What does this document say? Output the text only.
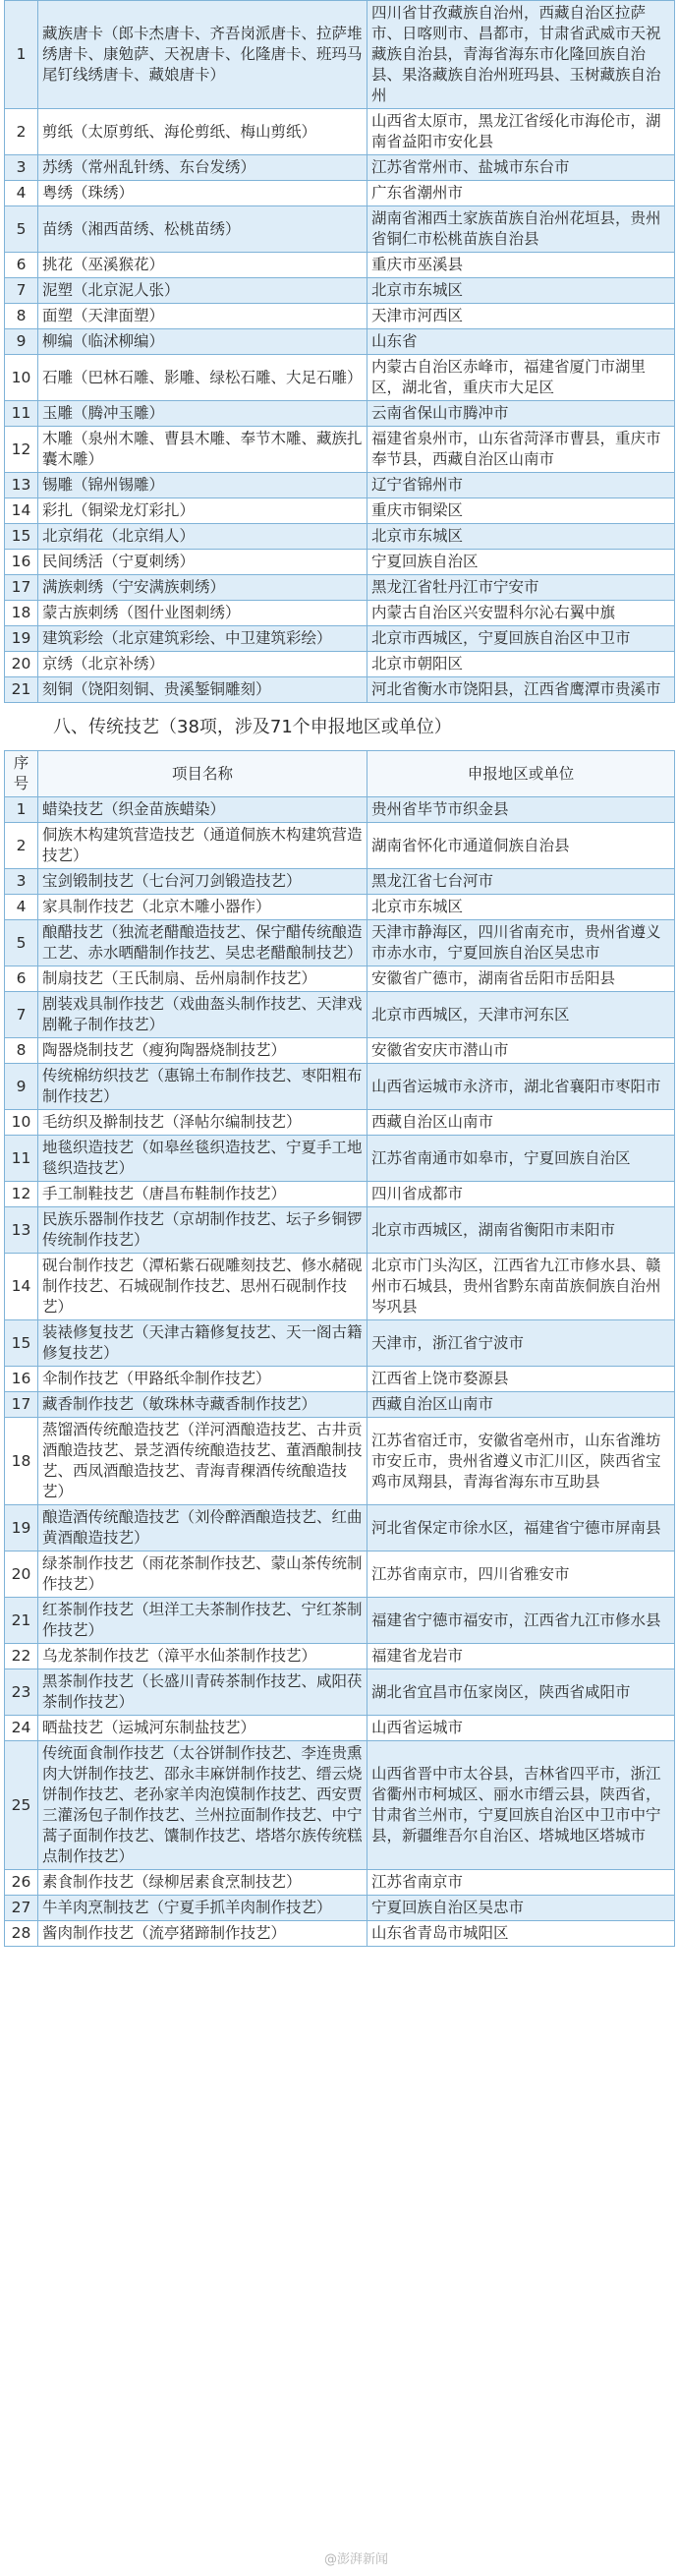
1	藏族唐卡（郎卡杰唐卡、齐吾岗派唐卡、拉萨堆绣唐卡、康勉萨、天祝唐卡、化隆唐卡、班玛马尾钉线绣唐卡、藏娘唐卡）	四川省甘孜藏族自治州，西藏自治区拉萨市、日喀则市、昌都市，甘肃省武威市天祝藏族自治县，青海省海东市化隆回族自治县、果洛藏族自治州班玛县、玉树藏族自治州
2	剪纸（太原剪纸、海伦剪纸、梅山剪纸）	山西省太原市，黑龙江省绥化市海伦市，湖南省益阳市安化县
3	苏绣（常州乱针绣、东台发绣）	江苏省常州市、盐城市东台市
4	粤绣（珠绣）	广东省潮州市
5	苗绣（湘西苗绣、松桃苗绣）	湖南省湘西土家族苗族自治州花垣县，贵州省铜仁市松桃苗族自治县
6	挑花（巫溪猴花）	重庆市巫溪县
7	泥塑（北京泥人张）	北京市东城区
8	面塑（天津面塑）	天津市河西区
9	柳编（临沭柳编）	山东省
10	石雕（巴林石雕、影雕、绿松石雕、大足石雕）	内蒙古自治区赤峰市，福建省厦门市湖里区，湖北省，重庆市大足区
11	玉雕（腾冲玉雕）	云南省保山市腾冲市
12	木雕（泉州木雕、曹县木雕、奉节木雕、藏族扎囊木雕）	福建省泉州市，山东省菏泽市曹县，重庆市奉节县，西藏自治区山南市
13	锡雕（锦州锡雕）	辽宁省锦州市
14	彩扎（铜梁龙灯彩扎）	重庆市铜梁区
15	北京绢花（北京绢人）	北京市东城区
16	民间绣活（宁夏刺绣）	宁夏回族自治区
17	满族刺绣（宁安满族刺绣）	黑龙江省牡丹江市宁安市
18	蒙古族刺绣（图什业图刺绣）	内蒙古自治区兴安盟科尔沁右翼中旗
19	建筑彩绘（北京建筑彩绘、中卫建筑彩绘）	北京市西城区，宁夏回族自治区中卫市
20	京绣（北京补绣）	北京市朝阳区
21	刻铜（饶阳刻铜、贵溪錾铜雕刻）	河北省衡水市饶阳县，江西省鹰潭市贵溪市
八、传统技艺（38项，涉及71个申报地区或单位）
序号	项目名称	申报地区或单位
1	蜡染技艺（织金苗族蜡染）	贵州省毕节市织金县
2	侗族木构建筑营造技艺（通道侗族木构建筑营造技艺）	湖南省怀化市通道侗族自治县
3	宝剑锻制技艺（七台河刀剑锻造技艺）	黑龙江省七台河市
4	家具制作技艺（北京木雕小器作）	北京市东城区
5	酿醋技艺（独流老醋酿造技艺、保宁醋传统酿造工艺、赤水晒醋制作技艺、吴忠老醋酿制技艺）	天津市静海区，四川省南充市，贵州省遵义市赤水市，宁夏回族自治区吴忠市
6	制扇技艺（王氏制扇、岳州扇制作技艺）	安徽省广德市，湖南省岳阳市岳阳县
7	剧装戏具制作技艺（戏曲盔头制作技艺、天津戏剧靴子制作技艺）	北京市西城区，天津市河东区
8	陶器烧制技艺（瘦狗陶器烧制技艺）	安徽省安庆市潜山市
9	传统棉纺织技艺（惠锦土布制作技艺、枣阳粗布制作技艺）	山西省运城市永济市，湖北省襄阳市枣阳市
10	毛纺织及擀制技艺（泽帖尔编制技艺）	西藏自治区山南市
11	地毯织造技艺（如皋丝毯织造技艺、宁夏手工地毯织造技艺）	江苏省南通市如皋市，宁夏回族自治区
12	手工制鞋技艺（唐昌布鞋制作技艺）	四川省成都市
13	民族乐器制作技艺（京胡制作技艺、坛子乡铜锣传统制作技艺）	北京市西城区，湖南省衡阳市耒阳市
14	砚台制作技艺（潭柘紫石砚雕刻技艺、修水赭砚制作技艺、石城砚制作技艺、思州石砚制作技艺）	北京市门头沟区，江西省九江市修水县、赣州市石城县，贵州省黔东南苗族侗族自治州岑巩县
15	装裱修复技艺（天津古籍修复技艺、天一阁古籍修复技艺）	天津市，浙江省宁波市
16	伞制作技艺（甲路纸伞制作技艺）	江西省上饶市婺源县
17	藏香制作技艺（敏珠林寺藏香制作技艺）	西藏自治区山南市
18	蒸馏酒传统酿造技艺（洋河酒酿造技艺、古井贡酒酿造技艺、景芝酒传统酿造技艺、董酒酿制技艺、西凤酒酿造技艺、青海青稞酒传统酿造技艺）	江苏省宿迁市，安徽省亳州市，山东省潍坊市安丘市，贵州省遵义市汇川区，陕西省宝鸡市凤翔县，青海省海东市互助县
19	酿造酒传统酿造技艺（刘伶醉酒酿造技艺、红曲黄酒酿造技艺）	河北省保定市徐水区，福建省宁德市屏南县
20	绿茶制作技艺（雨花茶制作技艺、蒙山茶传统制作技艺）	江苏省南京市，四川省雅安市
21	红茶制作技艺（坦洋工夫茶制作技艺、宁红茶制作技艺）	福建省宁德市福安市，江西省九江市修水县
22	乌龙茶制作技艺（漳平水仙茶制作技艺）	福建省龙岩市
23	黑茶制作技艺（长盛川青砖茶制作技艺、咸阳茯茶制作技艺）	湖北省宜昌市伍家岗区，陕西省咸阳市
24	晒盐技艺（运城河东制盐技艺）	山西省运城市
25	传统面食制作技艺（太谷饼制作技艺、李连贵熏肉大饼制作技艺、邵永丰麻饼制作技艺、缙云烧饼制作技艺、老孙家羊肉泡馍制作技艺、西安贾三灌汤包子制作技艺、兰州拉面制作技艺、中宁蒿子面制作技艺、馕制作技艺、塔塔尔族传统糕点制作技艺）	山西省晋中市太谷县，吉林省四平市，浙江省衢州市柯城区、丽水市缙云县，陕西省，甘肃省兰州市，宁夏回族自治区中卫市中宁县，新疆维吾尔自治区、塔城地区塔城市
26	素食制作技艺（绿柳居素食烹制技艺）	江苏省南京市
27	牛羊肉烹制技艺（宁夏手抓羊肉制作技艺）	宁夏回族自治区吴忠市
28	酱肉制作技艺（流亭猪蹄制作技艺）	山东省青岛市城阳区
@澎湃新闻
